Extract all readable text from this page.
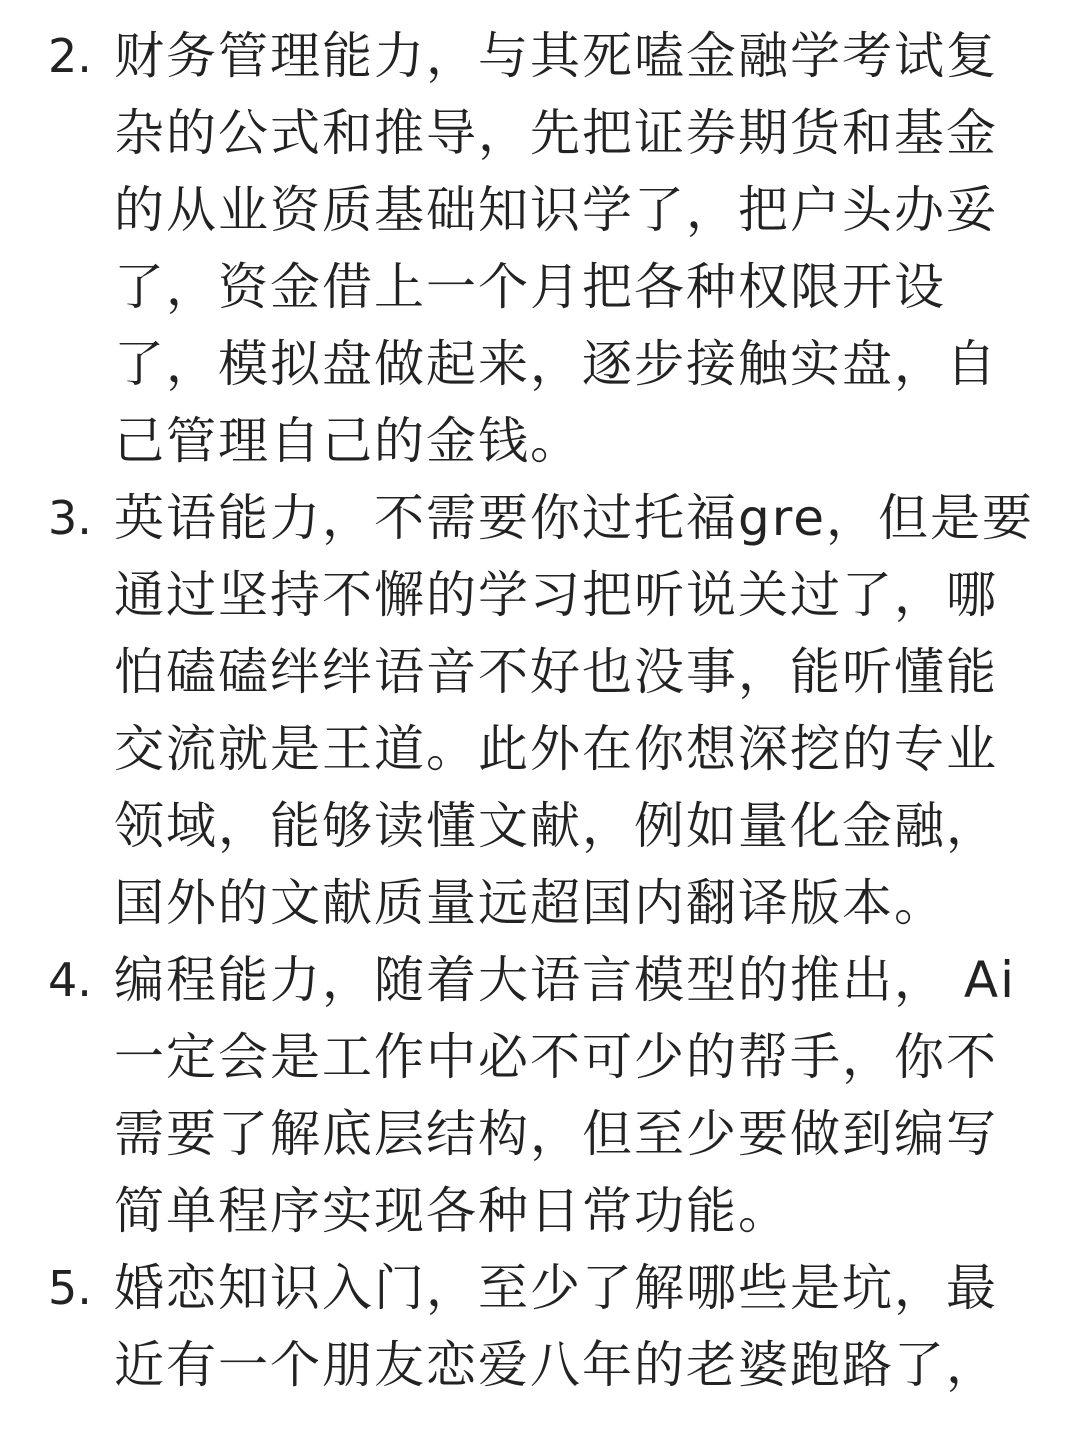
2. 财务管理能力，与其死嗑金融学考试复
杂的公式和推导，先把证券期货和基金
的从业资质基础知识学了，把户头办妥
了，资金借上一个月把各种权限开设
了，模拟盘做起来，逐步接触实盘，自
己管理自己的金钱。
3. 英语能力，不需要你过托福gre，但是要
通过坚持不懈的学习把听说关过了，哪
怕磕磕绊绊语音不好也没事，能听懂能
交流就是王道。此外在你想深挖的专业
领域，能够读懂文献，例如量化金融，
国外的文献质量远超国内翻译版本。
4. 编程能力，随着大语言模型的推出， Ai
一定会是工作中必不可少的帮手，你不
需要了解底层结构，但至少要做到编写
简单程序实现各种日常功能。
5. 婚恋知识入门，至少了解哪些是坑，最
近有一个朋友恋爱八年的老婆跑路了，
